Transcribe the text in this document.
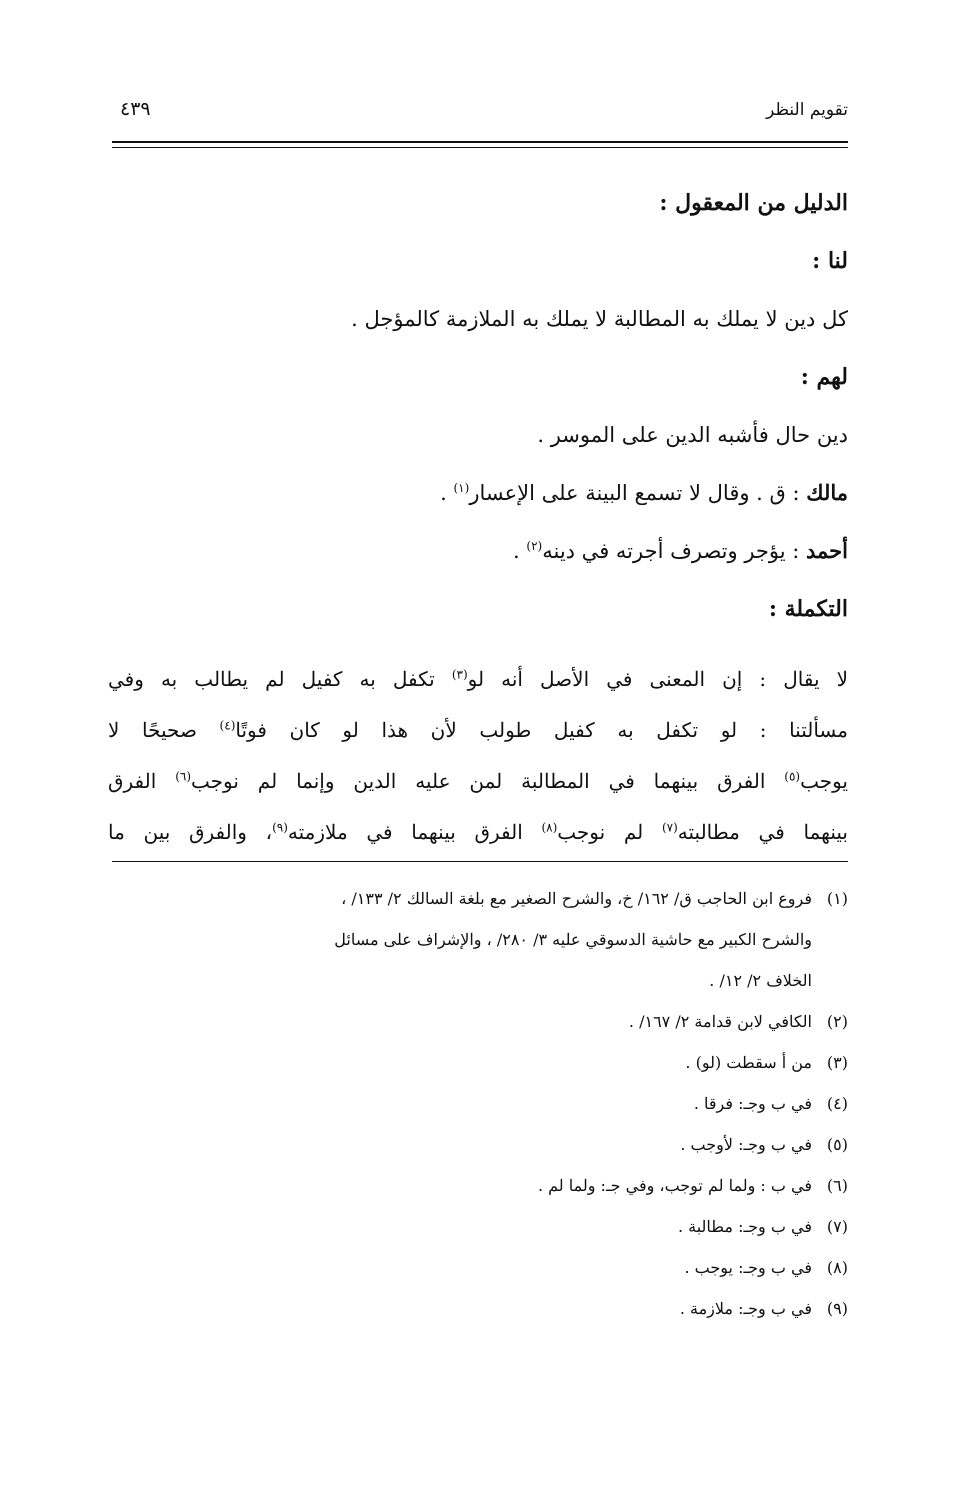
تقويم النظر
٤٣٩
الدليل من المعقول :
لنا :
كل دين لا يملك به المطالبة لا يملك به الملازمة كالمؤجل .
لهم :
دين حال فأشبه الدين على الموسر .
مالك : ق . وقال لا تسمع البينة على الإعسار$^{(١)}$ .
أحمد : يؤجر وتصرف أجرته في دينه$^{(٢)}$ .
التكملة :
لا يقال : إن المعنى في الأصل أنه لو$^{(٣)}$ تكفل به كفيل لم يطالب به وفي
مسألتنا : لو تكفل به كفيل طولب لأن هذا لو كان فوتًا$^{(٤)}$ صحيحًا لا
يوجب$^{(٥)}$ الفرق بينهما في المطالبة لمن عليه الدين وإنما لم نوجب$^{(٦)}$ الفرق
بينهما في مطالبته$^{(٧)}$ لم نوجب$^{(٨)}$ الفرق بينهما في ملازمته$^{(٩)}$، والفرق بين ما
(١)فروع ابن الحاجب ق/ ١٦٢/ خ، والشرح الصغير مع بلغة السالك ٢/ ١٣٣/ ،
والشرح الكبير مع حاشية الدسوقي عليه ٣/ ٢٨٠/ ، والإشراف على مسائل
الخلاف ٢/ ١٢/ .
(٢)الكافي لابن قدامة ٢/ ١٦٧/ .
(٣)من أ سقطت (لو) .
(٤)في ب وجـ: فرقا .
(٥)في ب وجـ: لأوجب .
(٦)في ب : ولما لم توجب، وفي جـ: ولما لم .
(٧)في ب وجـ: مطالبة .
(٨)في ب وجـ: يوجب .
(٩)في ب وجـ: ملازمة .
